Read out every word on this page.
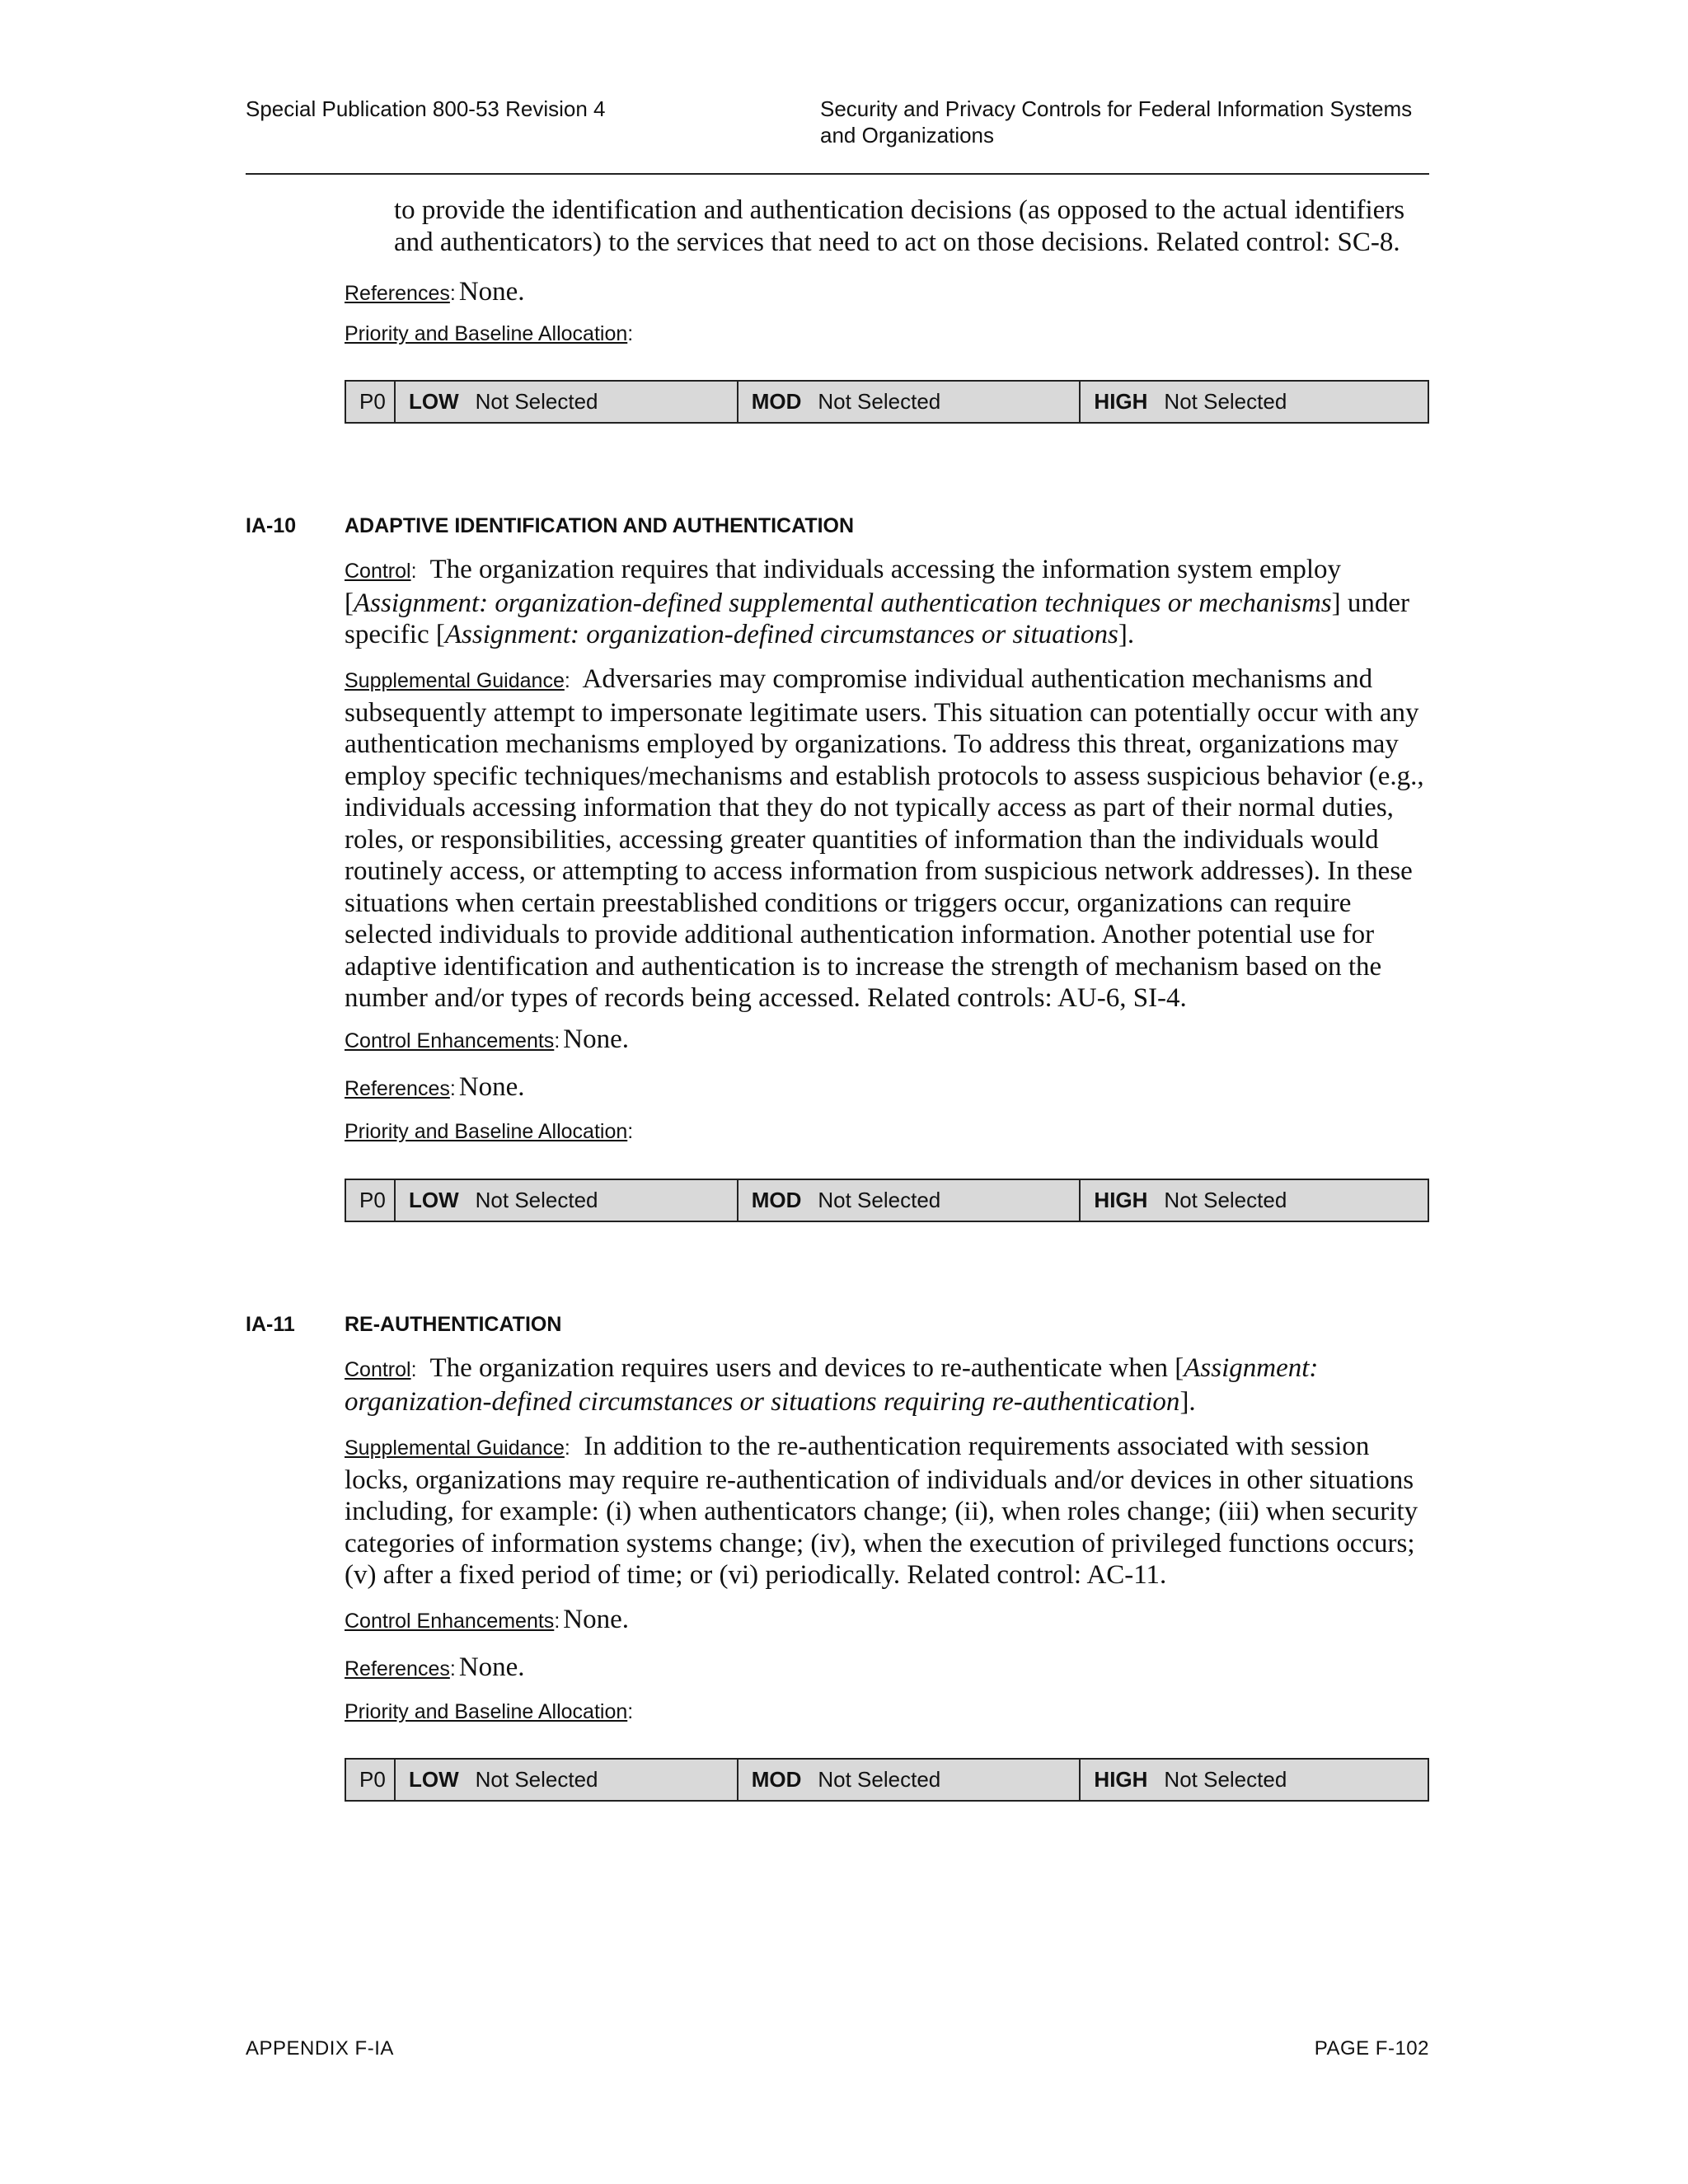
Special Publication 800-53 Revision 4	Security and Privacy Controls for Federal Information Systems and Organizations

to provide the identification and authentication decisions (as opposed to the actual identifiers and authenticators) to the services that need to act on those decisions. Related control: SC-8.

References: None.
Priority and Baseline Allocation:
P0	LOW Not Selected	MOD Not Selected	HIGH Not Selected
IA-10 ADAPTIVE IDENTIFICATION AND AUTHENTICATION

Control: The organization requires that individuals accessing the information system employ [Assignment: organization-defined supplemental authentication techniques or mechanisms] under specific [Assignment: organization-defined circumstances or situations].

Supplemental Guidance: Adversaries may compromise individual authentication mechanisms and subsequently attempt to impersonate legitimate users. This situation can potentially occur with any authentication mechanisms employed by organizations. To address this threat, organizations may employ specific techniques/mechanisms and establish protocols to assess suspicious behavior (e.g., individuals accessing information that they do not typically access as part of their normal duties, roles, or responsibilities, accessing greater quantities of information than the individuals would routinely access, or attempting to access information from suspicious network addresses). In these situations when certain preestablished conditions or triggers occur, organizations can require selected individuals to provide additional authentication information. Another potential use for adaptive identification and authentication is to increase the strength of mechanism based on the number and/or types of records being accessed. Related controls: AU-6, SI-4.

Control Enhancements: None.
References: None.
Priority and Baseline Allocation:
P0	LOW Not Selected	MOD Not Selected	HIGH Not Selected
IA-11 RE-AUTHENTICATION

Control: The organization requires users and devices to re-authenticate when [Assignment: organization-defined circumstances or situations requiring re-authentication].

Supplemental Guidance: In addition to the re-authentication requirements associated with session locks, organizations may require re-authentication of individuals and/or devices in other situations including, for example: (i) when authenticators change; (ii), when roles change; (iii) when security categories of information systems change; (iv), when the execution of privileged functions occurs; (v) after a fixed period of time; or (vi) periodically. Related control: AC-11.

Control Enhancements: None.
References: None.
Priority and Baseline Allocation:
P0	LOW Not Selected	MOD Not Selected	HIGH Not Selected
APPENDIX F-IA	PAGE F-102
